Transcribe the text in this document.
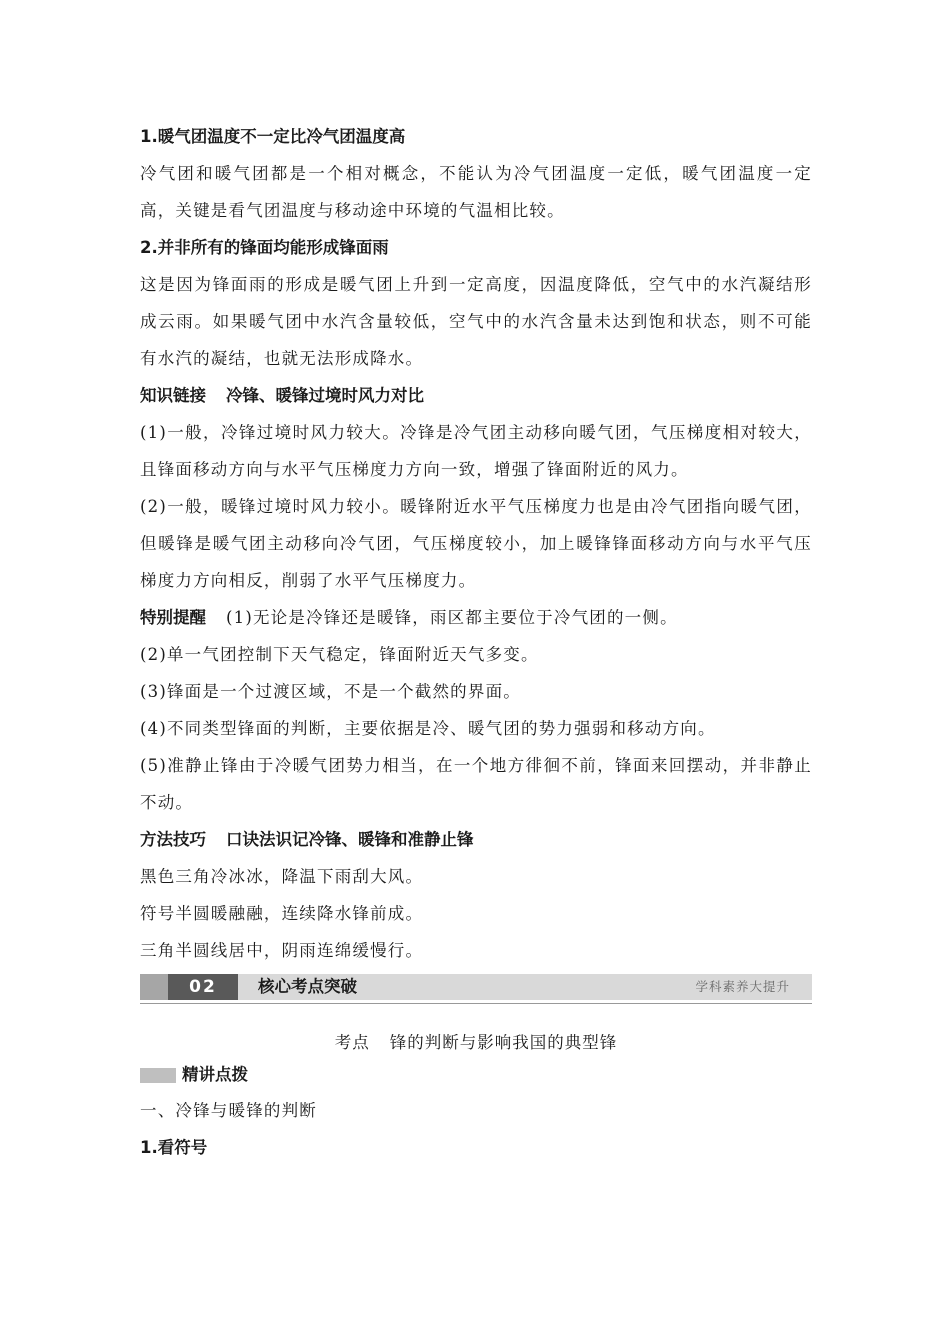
1.暖气团温度不一定比冷气团温度高

冷气团和暖气团都是一个相对概念，不能认为冷气团温度一定低，暖气团温度一定高，关键是看气团温度与移动途中环境的气温相比较。

2.并非所有的锋面均能形成锋面雨

这是因为锋面雨的形成是暖气团上升到一定高度，因温度降低，空气中的水汽凝结形成云雨。如果暖气团中水汽含量较低，空气中的水汽含量未达到饱和状态，则不可能有水汽的凝结，也就无法形成降水。

知识链接 冷锋、暖锋过境时风力对比

(1)一般，冷锋过境时风力较大。冷锋是冷气团主动移向暖气团，气压梯度相对较大，且锋面移动方向与水平气压梯度力方向一致，增强了锋面附近的风力。

(2)一般，暖锋过境时风力较小。暖锋附近水平气压梯度力也是由冷气团指向暖气团，但暖锋是暖气团主动移向冷气团，气压梯度较小，加上暖锋锋面移动方向与水平气压梯度力方向相反，削弱了水平气压梯度力。

特别提醒 (1)无论是冷锋还是暖锋，雨区都主要位于冷气团的一侧。

(2)单一气团控制下天气稳定，锋面附近天气多变。

(3)锋面是一个过渡区域，不是一个截然的界面。

(4)不同类型锋面的判断，主要依据是冷、暖气团的势力强弱和移动方向。

(5)准静止锋由于冷暖气团势力相当，在一个地方徘徊不前，锋面来回摆动，并非静止不动。

方法技巧 口诀法识记冷锋、暖锋和准静止锋

黑色三角冷冰冰，降温下雨刮大风。

符号半圆暖融融，连续降水锋前成。

三角半圆线居中，阴雨连绵缓慢行。

02	核心考点突破	学科素养大提升
考点 锋的判断与影响我国的典型锋
精讲点拨

一、冷锋与暖锋的判断

1.看符号
